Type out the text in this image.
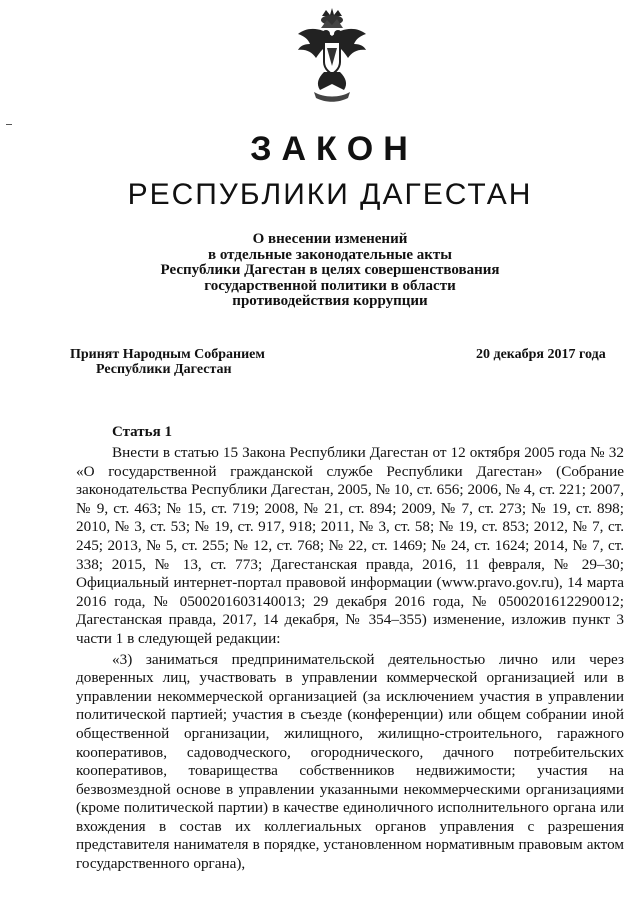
ЗАКОН
РЕСПУБЛИКИ ДАГЕСТАН
О внесении изменений
в отдельные законодательные акты
Республики Дагестан в целях совершенствования
государственной политики в области
противодействия коррупции
Принят Народным Собранием
Республики Дагестан
20 декабря 2017 года
Статья 1

Внести в статью 15 Закона Республики Дагестан от 12 октября 2005 года № 32 «О государственной гражданской службе Республики Дагестан» (Собрание законодательства Республики Дагестан, 2005, № 10, ст. 656; 2006, № 4, ст. 221; 2007, № 9, ст. 463; № 15, ст. 719; 2008, № 21, ст. 894; 2009, № 7, ст. 273; № 19, ст. 898; 2010, № 3, ст. 53; № 19, ст. 917, 918; 2011, № 3, ст. 58; № 19, ст. 853; 2012, № 7, ст. 245; 2013, № 5, ст. 255; № 12, ст. 768; № 22, ст. 1469; № 24, ст. 1624; 2014, № 7, ст. 338; 2015, № 13, ст. 773; Дагестанская правда, 2016, 11 февраля, № 29–30; Официальный интернет-портал правовой информации (www.pravo.gov.ru), 14 марта 2016 года, № 0500201603140013; 29 декабря 2016 года, № 0500201612290012; Дагестанская правда, 2017, 14 декабря, № 354–355) изменение, изложив пункт 3 части 1 в следующей редакции:

«3) заниматься предпринимательской деятельностью лично или через доверенных лиц, участвовать в управлении коммерческой организацией или в управлении некоммерческой организацией (за исключением участия в управлении политической партией; участия в съезде (конференции) или общем собрании иной общественной организации, жилищного, жилищно-строительного, гаражного кооперативов, садоводческого, огороднического, дачного потребительских кооперативов, товарищества собственников недвижимости; участия на безвозмездной основе в управлении указанными некоммерческими организациями (кроме политической партии) в качестве единоличного исполнительного органа или вхождения в состав их коллегиальных органов управления с разрешения представителя нанимателя в порядке, установленном нормативным правовым актом государственного органа),
